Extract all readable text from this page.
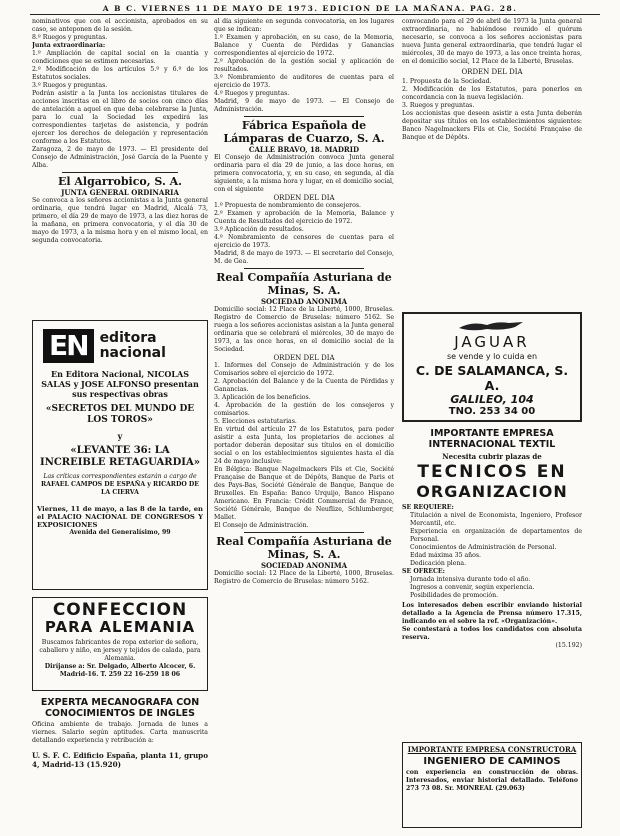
A B C. VIERNES 11 DE MAYO DE 1973. EDICION DE LA MAÑANA. PAG. 28.

nominativos que con el accionista, aprobados en su caso, se anteponen de la sesión.

8.º Ruegos y preguntas.

Junta extraordinaria:

1.º Ampliación de capital social en la cuantía y condiciones que se estimen necesarias.

2.º Modificación de los artículos 5.º y 6.º de los Estatutos sociales.

3.º Ruegos y preguntas.

Podrán asistir a la Junta los accionistas titulares de acciones inscritas en el libro de socios con cinco días de antelación a aquel en que deba celebrarse la Junta, para lo cual la Sociedad les expedirá las correspondientes tarjetas de asistencia, y podrán ejercer los derechos de delegación y representación conforme a los Estatutos.

Zaragoza, 2 de mayo de 1973. — El presidente del Consejo de Administración, José García de la Puente y Alba.

El Algarrobico, S. A.

JUNTA GENERAL ORDINARIA

Se convoca a los señores accionistas a la Junta general ordinaria, que tendrá lugar en Madrid, Alcalá 73, primero, el día 29 de mayo de 1973, a las diez horas de la mañana, en primera convocatoria, y el día 30 de mayo de 1973, a la misma hora y en el mismo local, en segunda convocatoria.

EN editora
nacional

En Editora Nacional, NICOLAS SALAS y JOSE ALFONSO presentan sus respectivas obras

«SECRETOS DEL MUNDO DE LOS TOROS»

y

«LEVANTE 36: LA INCREIBLE RETAGUARDIA»

Las críticas correspondientes estarán a cargo de

RAFAEL CAMPOS DE ESPAÑA y RICARDO DE LA CIERVA

Viernes, 11 de mayo, a las 8 de la tarde, en el PALACIO NACIONAL DE CONGRESOS Y EXPOSICIONES

Avenida del Generalísimo, 99

CONFECCION

PARA ALEMANIA

Buscamos fabricantes de ropa exterior de señora, caballero y niño, en jersey y tejidos de calada, para Alemania.

Diríjanse a: Sr. Delgado, Alberto Alcocer, 6. Madrid-16. T. 259 22 16-259 18 06

EXPERTA MECANOGRAFA CON CONOCIMIENTOS DE INGLES

Oficina ambiente de trabajo. Jornada de lunes a viernes. Salario según aptitudes. Carta manuscrita detallando experiencia y retribución a:

U. S. F. C. Edificio España, planta 11, grupo 4, Madrid-13 (15.920)

al día siguiente en segunda convocatoria, en los lugares que se indican:

1.º Examen y aprobación, en su caso, de la Memoria, Balance y Cuenta de Pérdidas y Ganancias correspondientes al ejercicio de 1972.

2.º Aprobación de la gestión social y aplicación de resultados.

3.º Nombramiento de auditores de cuentas para el ejercicio de 1973.

4.º Ruegos y preguntas.

Madrid, 9 de mayo de 1973. — El Consejo de Administración.

Fábrica Española de Lámparas de Cuarzo, S. A.

CALLE BRAVO, 18. MADRID

El Consejo de Administración convoca Junta general ordinaria para el día 29 de junio, a las doce horas, en primera convocatoria, y, en su caso, en segunda, al día siguiente, a la misma hora y lugar, en el domicilio social, con el siguiente

ORDEN DEL DIA

1.º Propuesta de nombramiento de consejeros.

2.º Examen y aprobación de la Memoria, Balance y Cuenta de Resultados del ejercicio de 1972.

3.º Aplicación de resultados.

4.º Nombramiento de censores de cuentas para el ejercicio de 1973.

Madrid, 8 de mayo de 1973. — El secretario del Consejo, M. de Gea.

Real Compañía Asturiana de Minas, S. A.

SOCIEDAD ANONIMA

Domicilio social: 12 Place de la Liberté, 1000, Bruselas. Registro de Comercio de Bruselas: número 5162. Se ruega a los señores accionistas asistan a la Junta general ordinaria que se celebrará el miércoles, 30 de mayo de 1973, a las once horas, en el domicilio social de la Sociedad.

ORDEN DEL DIA

1. Informes del Consejo de Administración y de los Comisarios sobre el ejercicio de 1972.

2. Aprobación del Balance y de la Cuenta de Pérdidas y Ganancias.

3. Aplicación de los beneficios.

4. Aprobación de la gestión de los consejeros y comisarios.

5. Elecciones estatutarias.

En virtud del artículo 27 de los Estatutos, para poder asistir a esta Junta, los propietarios de acciones al portador deberán depositar sus títulos en el domicilio social o en los establecimientos siguientes hasta el día 24 de mayo inclusive:

En Bélgica: Banque Nagelmackers Fils et Cie, Société Française de Banque et de Dépôts, Banque de Paris et des Pays-Bas, Société Générale de Banque, Banque de Bruxelles. En España: Banco Urquijo, Banco Hispano Americano. En Francia: Crédit Commercial de France, Société Générale, Banque de Neuflize, Schlumberger, Mallet.

El Consejo de Administración.

Real Compañía Asturiana de Minas, S. A.

SOCIEDAD ANONIMA

Domicilio social: 12 Place de la Liberté, 1000, Bruselas. Registro de Comercio de Bruselas: número 5162.

convocando para el 29 de abril de 1973 la Junta general extraordinaria, no habiéndose reunido el quórum necesario, se convoca a los señores accionistas para nueva Junta general extraordinaria, que tendrá lugar el miércoles, 30 de mayo de 1973, a las once treinta horas, en el domicilio social, 12 Place de la Liberté, Bruselas.

ORDEN DEL DIA

1. Propuesta de la Sociedad.

2. Modificación de los Estatutos, para ponerlos en concordancia con la nueva legislación.

3. Ruegos y preguntas.

Los accionistas que deseen asistir a esta Junta deberán depositar sus títulos en los establecimientos siguientes: Banco Nagelmackers Fils et Cie, Société Française de Banque et de Dépôts.

JAGUAR

se vende y lo cuida en

C. DE SALAMANCA, S. A.

GALILEO, 104

TNO. 253 34 00

IMPORTANTE EMPRESA INTERNACIONAL TEXTIL

Necesita cubrir plazas de

TECNICOS EN

ORGANIZACION

SE REQUIERE:

• Titulación a nivel de Economista, Ingeniero, Profesor Mercantil, etc.
• Experiencia en organización de departamentos de Personal.
• Conocimientos de Administración de Personal.
• Edad máxima 35 años.
• Dedicación plena.

SE OFRECE:

• Jornada intensiva durante todo el año.
• Ingresos a convenir, según experiencia.
• Posibilidades de promoción.

Los interesados deben escribir enviando historial detallado a la Agencia de Prensa número 17.315, indicando en el sobre la ref. «Organización».

Se contestará a todos los candidatos con absoluta reserva.

(15.192)

IMPORTANTE EMPRESA CONSTRUCTORA

INGENIERO DE CAMINOS

con experiencia en construcción de obras. Interesados, enviar historial detallado. Teléfono 273 73 08. Sr. MONREAL (29.063)
